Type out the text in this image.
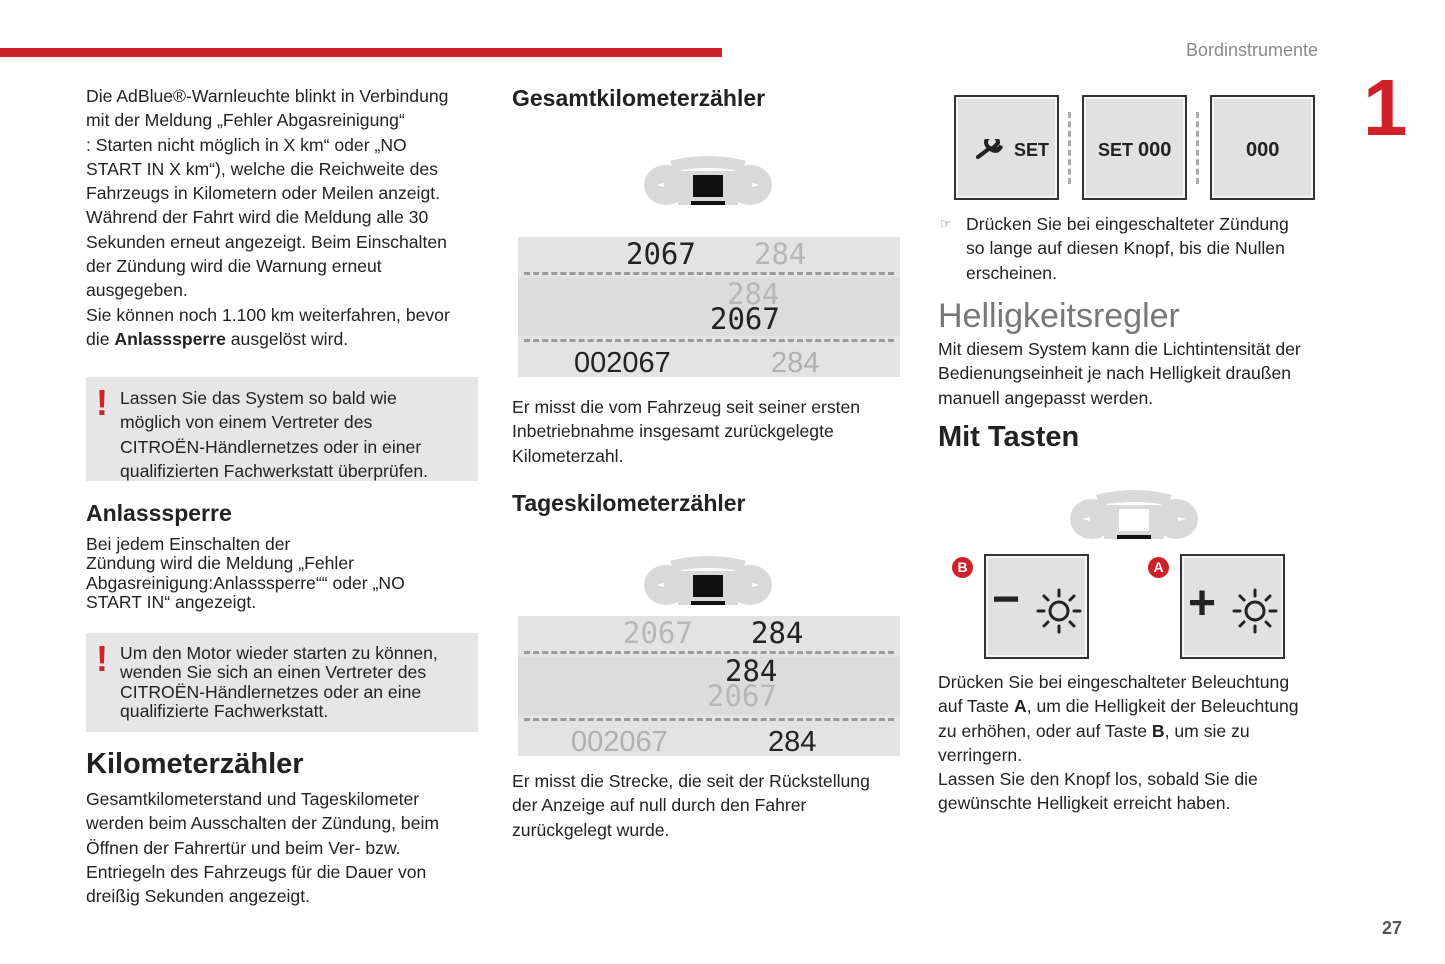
Bordinstrumente
1
27
Die AdBlue®-Warnleuchte blinkt in Verbindung
mit der Meldung „Fehler Abgasreinigung“
: Starten nicht möglich in X km“ oder „NO
START IN X km“), welche die Reichweite des
Fahrzeugs in Kilometern oder Meilen anzeigt.
Während der Fahrt wird die Meldung alle 30
Sekunden erneut angezeigt. Beim Einschalten
der Zündung wird die Warnung erneut
ausgegeben.
Sie können noch 1.100 km weiterfahren, bevor
die Anlasssperre ausgelöst wird.
! Lassen Sie das System so bald wie
möglich von einem Vertreter des
CITROËN-Händlernetzes oder in einer
qualifizierten Fachwerkstatt überprüfen.
Anlasssperre
Bei jedem Einschalten der
Zündung wird die Meldung „Fehler
Abgasreinigung:Anlasssperre““ oder „NO
START IN“ angezeigt.
! Um den Motor wieder starten zu können,
wenden Sie sich an einen Vertreter des
CITROËN-Händlernetzes oder an eine
qualifizierte Fachwerkstatt.
Kilometerzähler
Gesamtkilometerstand und Tageskilometer
werden beim Ausschalten der Zündung, beim
Öffnen der Fahrertür und beim Ver- bzw.
Entriegeln des Fahrzeugs für die Dauer von
dreißig Sekunden angezeigt.
Gesamtkilometerzähler
2067 284
284
2067
002067	284
Er misst die vom Fahrzeug seit seiner ersten
Inbetriebnahme insgesamt zurückgelegte
Kilometerzahl.
Tageskilometerzähler
2067 284
284
2067
002067	284
Er misst die Strecke, die seit der Rückstellung
der Anzeige auf null durch den Fahrer
zurückgelegt wurde.
SET	SET 000	000
☞ Drücken Sie bei eingeschalteter Zündung
so lange auf diesen Knopf, bis die Nullen
erscheinen.
Helligkeitsregler
Mit diesem System kann die Lichtintensität der
Bedienungseinheit je nach Helligkeit draußen
manuell angepasst werden.
Mit Tasten
B
−
A
+
Drücken Sie bei eingeschalteter Beleuchtung
auf Taste A, um die Helligkeit der Beleuchtung
zu erhöhen, oder auf Taste B, um sie zu
verringern.
Lassen Sie den Knopf los, sobald Sie die
gewünschte Helligkeit erreicht haben.
